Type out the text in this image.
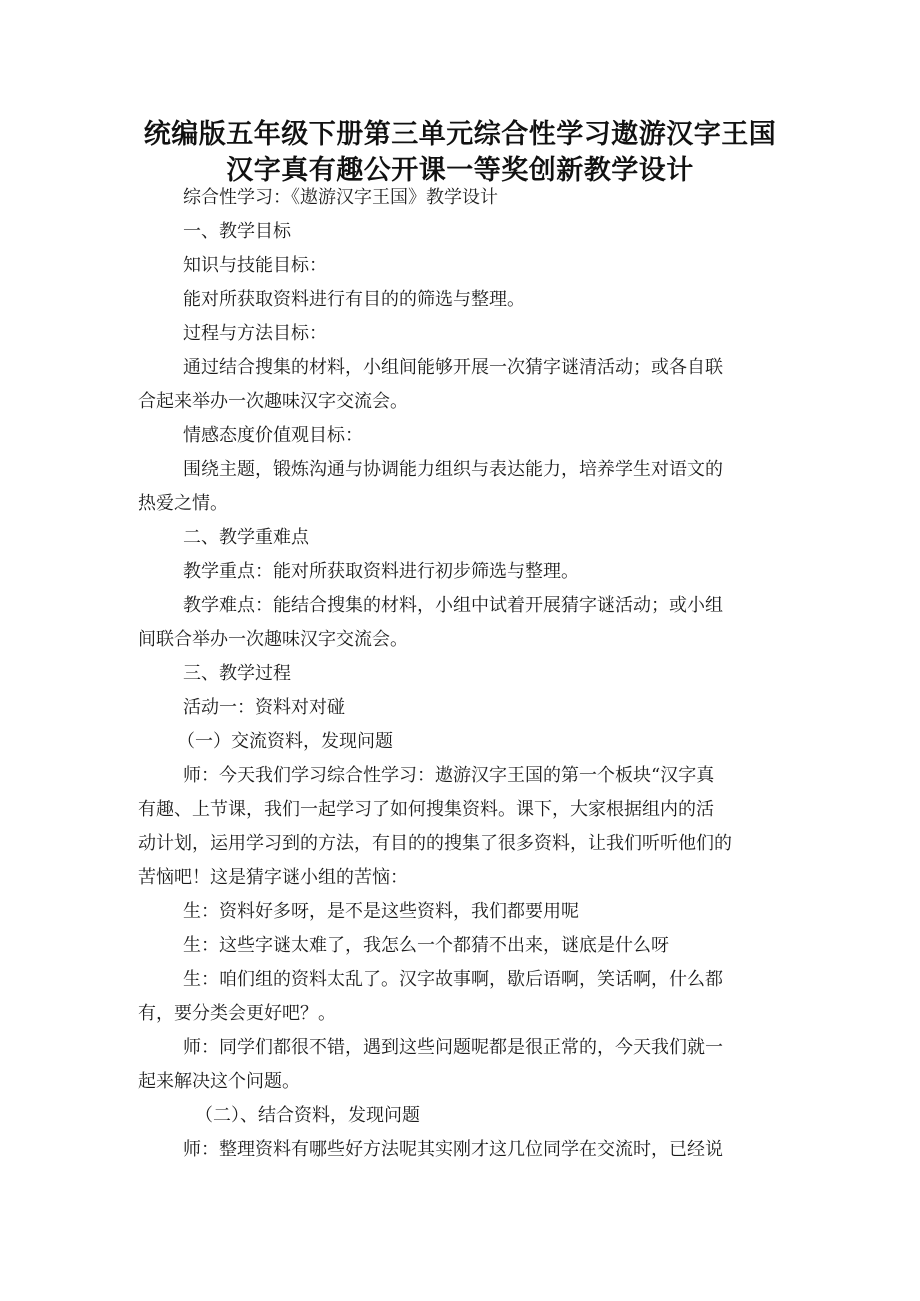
统编版五年级下册第三单元综合性学习遨游汉字王国
汉字真有趣公开课一等奖创新教学设计
综合性学习：《遨游汉字王国》教学设计
一、教学目标
知识与技能目标：
能对所获取资料进行有目的的筛选与整理。
过程与方法目标：
通过结合搜集的材料，小组间能够开展一次猜字谜清活动；或各自联
合起来举办一次趣味汉字交流会。
情感态度价值观目标：
围绕主题，锻炼沟通与协调能力组织与表达能力，培养学生对语文的
热爱之情。
二、教学重难点
教学重点：能对所获取资料进行初步筛选与整理。
教学难点：能结合搜集的材料，小组中试着开展猜字谜活动；或小组
间联合举办一次趣味汉字交流会。
三、教学过程
活动一：资料对对碰
（一）交流资料，发现问题
师：今天我们学习综合性学习：遨游汉字王国的第一个板块“汉字真
有趣、上节课，我们一起学习了如何搜集资料。课下，大家根据组内的活
动计划，运用学习到的方法，有目的的搜集了很多资料，让我们听听他们的
苦恼吧！这是猜字谜小组的苦恼：
生：资料好多呀，是不是这些资料，我们都要用呢
生：这些字谜太难了，我怎么一个都猜不出来，谜底是什么呀
生：咱们组的资料太乱了。汉字故事啊，歇后语啊，笑话啊，什么都
有，要分类会更好吧？。
师：同学们都很不错，遇到这些问题呢都是很正常的，今天我们就一
起来解决这个问题。
（二）、结合资料，发现问题
师：整理资料有哪些好方法呢其实刚才这几位同学在交流时，已经说
